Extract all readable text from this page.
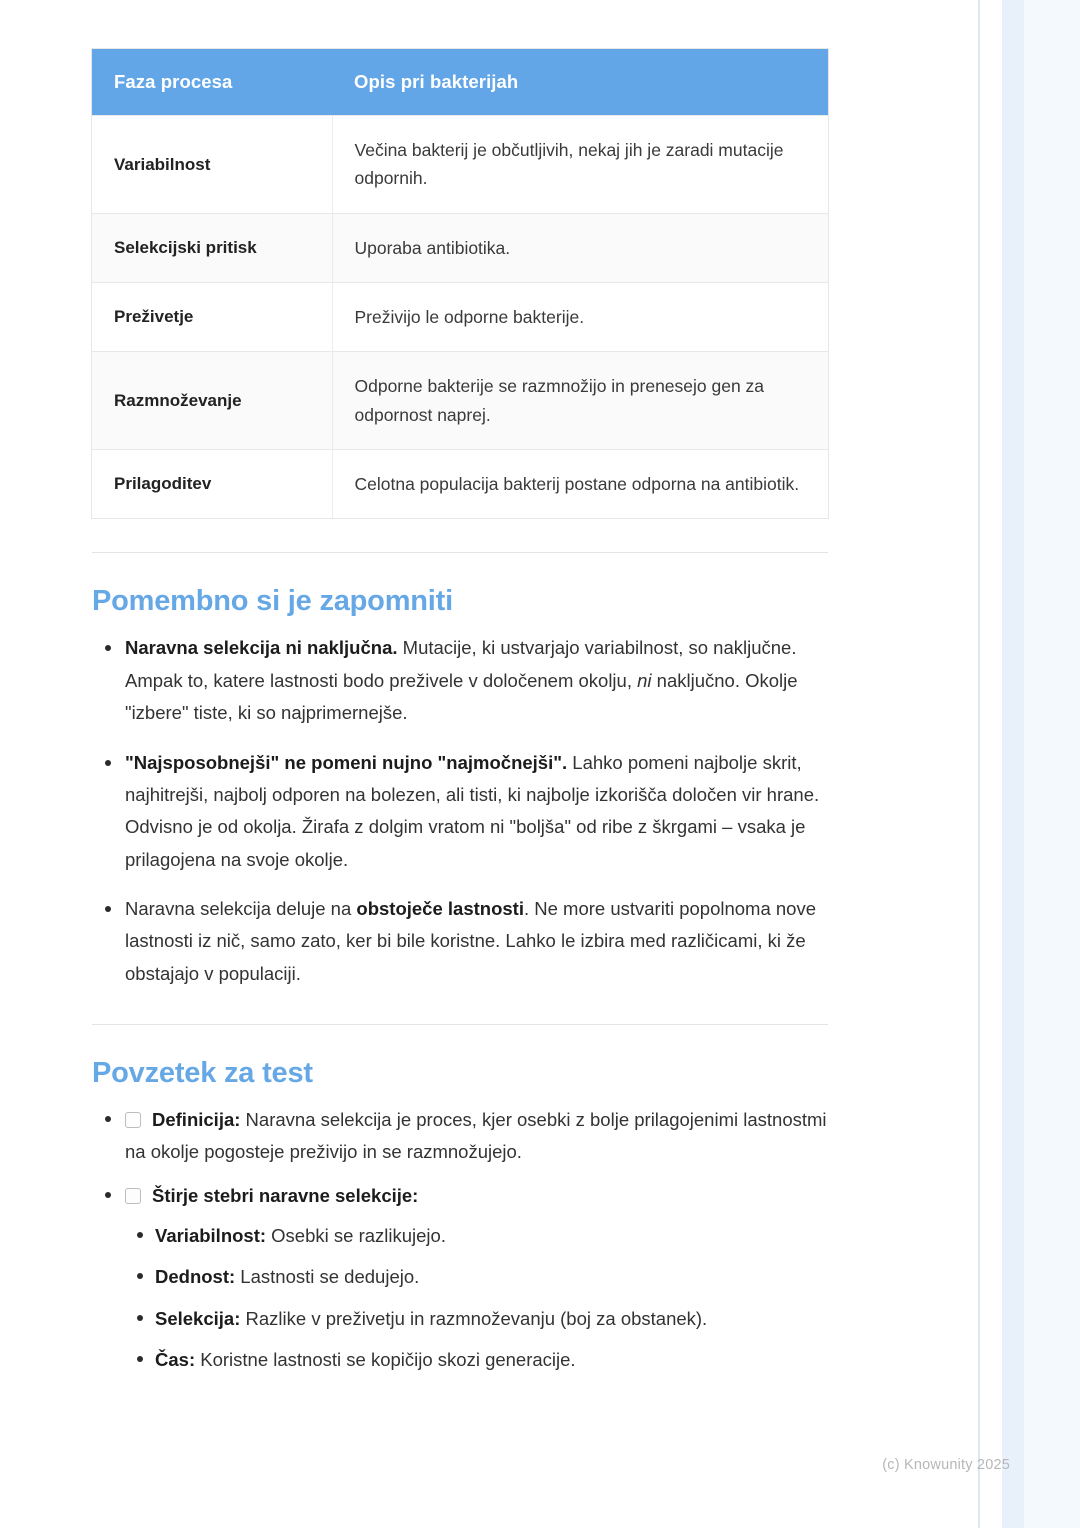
Faza procesa	Opis pri bakterijah
Variabilnost	Večina bakterij je občutljivih, nekaj jih je zaradi mutacije odpornih.
Selekcijski pritisk	Uporaba antibiotika.
Preživetje	Preživijo le odporne bakterije.
Razmnoževanje	Odporne bakterije se razmnožijo in prenesejo gen za odpornost naprej.
Prilagoditev	Celotna populacija bakterij postane odporna na antibiotik.
Pomembno si je zapomniti
Naravna selekcija ni naključna. Mutacije, ki ustvarjajo variabilnost, so naključne. Ampak to, katere lastnosti bodo preživele v določenem okolju, ni naključno. Okolje "izbere" tiste, ki so najprimernejše.
"Najsposobnejši" ne pomeni nujno "najmočnejši". Lahko pomeni najbolje skrit, najhitrejši, najbolj odporen na bolezen, ali tisti, ki najbolje izkorišča določen vir hrane. Odvisno je od okolja. Žirafa z dolgim vratom ni "boljša" od ribe z škrgami – vsaka je prilagojena na svoje okolje.
Naravna selekcija deluje na obstoječe lastnosti. Ne more ustvariti popolnoma nove lastnosti iz nič, samo zato, ker bi bile koristne. Lahko le izbira med različicami, ki že obstajajo v populaciji.
Povzetek za test
Definicija: Naravna selekcija je proces, kjer osebki z bolje prilagojenimi lastnostmi na okolje pogosteje preživijo in se razmnožujejo.
Štirje stebri naravne selekcije:
Variabilnost: Osebki se razlikujejo.
Dednost: Lastnosti se dedujejo.
Selekcija: Razlike v preživetju in razmnoževanju (boj za obstanek).
Čas: Koristne lastnosti se kopičijo skozi generacije.
(c) Knowunity 2025
